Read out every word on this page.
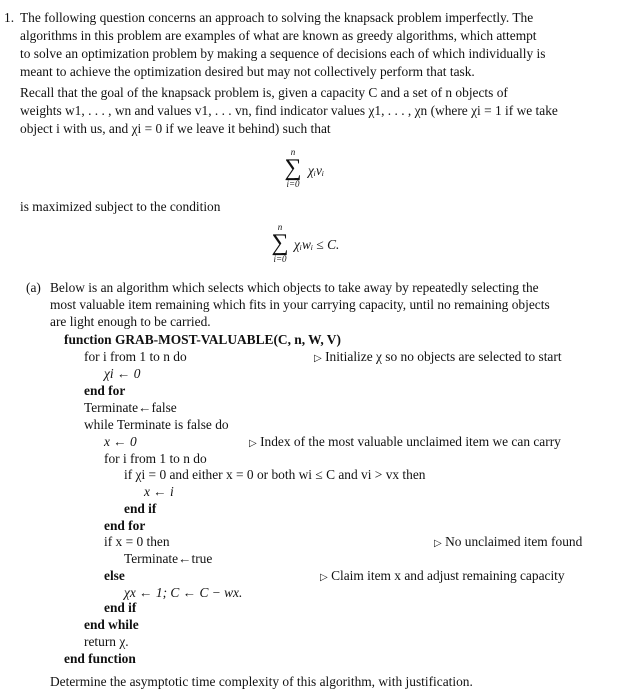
1. The following question concerns an approach to solving the knapsack problem imperfectly. The
algorithms in this problem are examples of what are known as greedy algorithms, which attempt
to solve an optimization problem by making a sequence of decisions each of which individually is
meant to achieve the optimization desired but may not collectively perform that task.
Recall that the goal of the knapsack problem is, given a capacity C and a set of n objects of
weights w1, . . . , wn and values v1, . . . vn, find indicator values χ1, . . . , χn (where χi = 1 if we take
object i with us, and χi = 0 if we leave it behind) such that
n
∑
i=0
χᵢvᵢ
is maximized subject to the condition
n
∑
i=0
χᵢwᵢ ≤ C.
(a) Below is an algorithm which selects which objects to take away by repeatedly selecting the
most valuable item remaining which fits in your carrying capacity, until no remaining objects
are light enough to be carried.
function GRAB-MOST-VALUABLE(C, n, W, V)
for i from 1 to n do	▷ Initialize χ so no objects are selected to start
χi ← 0
end for
Terminate←false
while Terminate is false do
x ← 0	▷ Index of the most valuable unclaimed item we can carry
for i from 1 to n do
if χi = 0 and either x = 0 or both wi ≤ C and vi > vx then
x ← i
end if
end for
if x = 0 then	▷ No unclaimed item found
Terminate←true
else	▷ Claim item x and adjust remaining capacity
χx ← 1; C ← C − wx.
end if
end while
return χ.
end function
Determine the asymptotic time complexity of this algorithm, with justification.
